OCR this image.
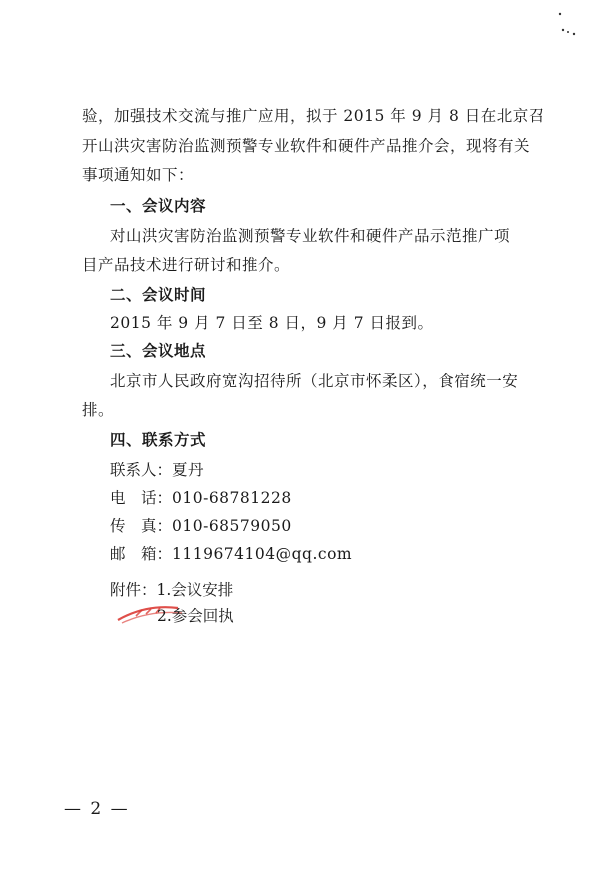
验，加强技术交流与推广应用，拟于 2015 年 9 月 8 日在北京召
开山洪灾害防治监测预警专业软件和硬件产品推介会，现将有关
事项通知如下：
一、会议内容
对山洪灾害防治监测预警专业软件和硬件产品示范推广项
目产品技术进行研讨和推介。
二、会议时间
2015 年 9 月 7 日至 8 日，9 月 7 日报到。
三、会议地点
北京市人民政府宽沟招待所（北京市怀柔区），食宿统一安
排。
四、联系方式
联系人：夏丹
电　话：010-68781228
传　真：010-68579050
邮　箱：1119674104@qq.com
附件：1.会议安排
2.参会回执
— 2 —
